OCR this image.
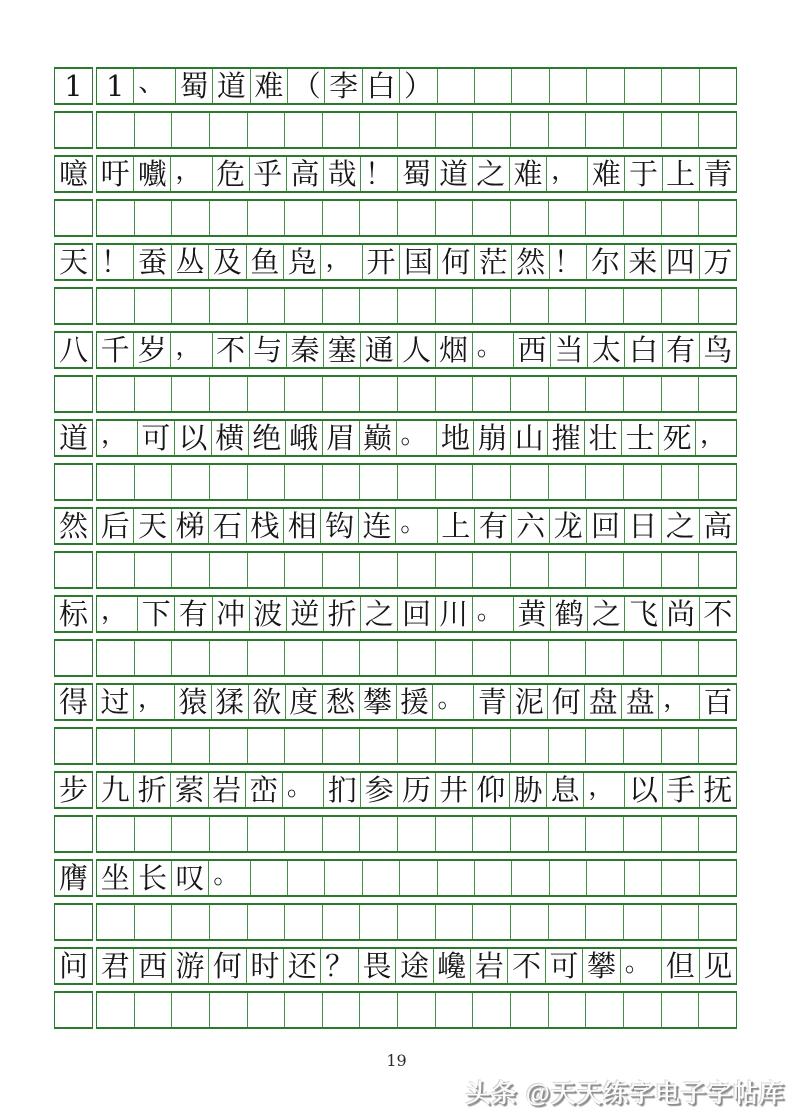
1 1 、 蜀 道 难 （ 李 白 ）
噫 吁 嚱 ， 危 乎 高 哉 ！ 蜀 道 之 难 ， 难 于 上 青
天 ！ 蚕 丛 及 鱼 凫 ， 开 国 何 茫 然 ！ 尔 来 四 万
八 千 岁 ， 不 与 秦 塞 通 人 烟 。 西 当 太 白 有 鸟
道 ， 可 以 横 绝 峨 眉 巅 。 地 崩 山 摧 壮 士 死 ，
然 后 天 梯 石 栈 相 钩 连 。 上 有 六 龙 回 日 之 高
标 ， 下 有 冲 波 逆 折 之 回 川 。 黄 鹤 之 飞 尚 不
得 过 ， 猿 猱 欲 度 愁 攀 援 。 青 泥 何 盘 盘 ， 百
步 九 折 萦 岩 峦 。 扪 参 历 井 仰 胁 息 ， 以 手 抚
膺 坐 长 叹 。
问 君 西 游 何 时 还 ？ 畏 途 巉 岩 不 可 攀 。 但 见
19
头条 @天天练字电子字帖库
